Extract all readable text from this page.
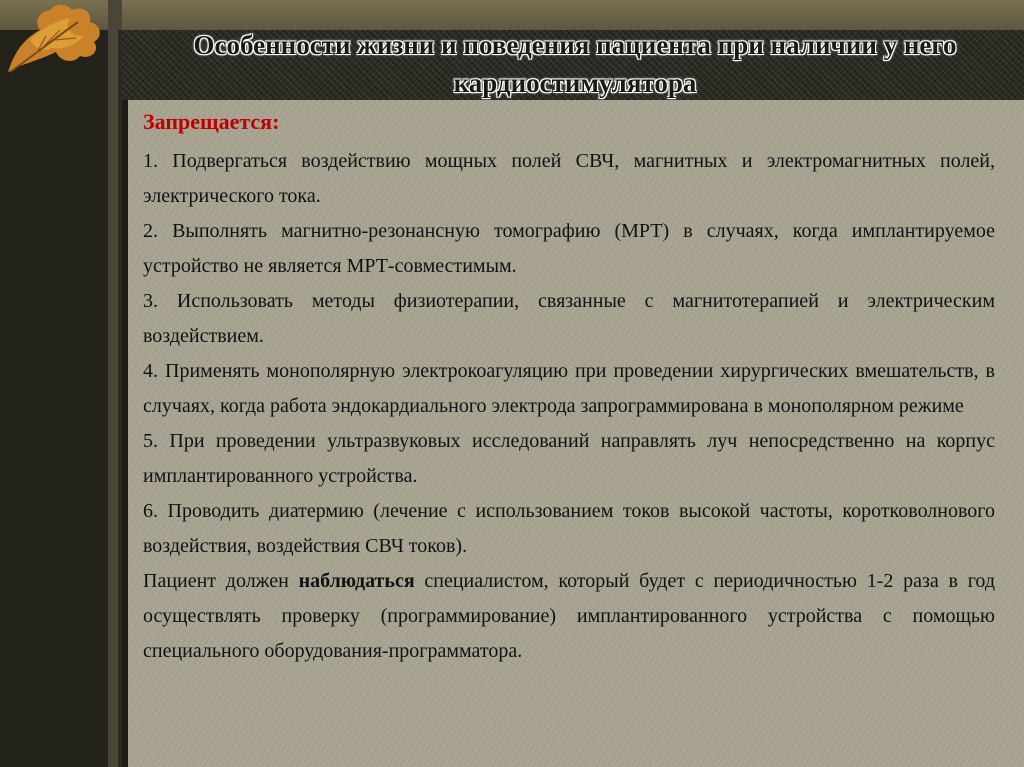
Особенности жизни и поведения пациента при наличии у него кардиостимулятора

Запрещается:

1. Подвергаться воздействию мощных полей СВЧ, магнитных и электромагнитных полей, электрического тока.

2. Выполнять магнитно-резонансную томографию (МРТ) в случаях, когда имплантируемое устройство не является МРТ-совместимым.

3. Использовать методы физиотерапии, связанные с магнитотерапией и электрическим воздействием.

4. Применять монополярную электрокоагуляцию при проведении хирургических вмешательств, в случаях, когда работа эндокардиального электрода запрограммирована в монополярном режиме

5. При проведении ультразвуковых исследований направлять луч непосредственно на корпус имплантированного устройства.

6. Проводить диатермию (лечение с использованием токов высокой частоты, коротковолнового воздействия, воздействия СВЧ токов).

Пациент должен наблюдаться специалистом, который будет с периодичностью 1-2 раза в год осуществлять проверку (программирование) имплантированного устройства с помощью специального оборудования-программатора.
